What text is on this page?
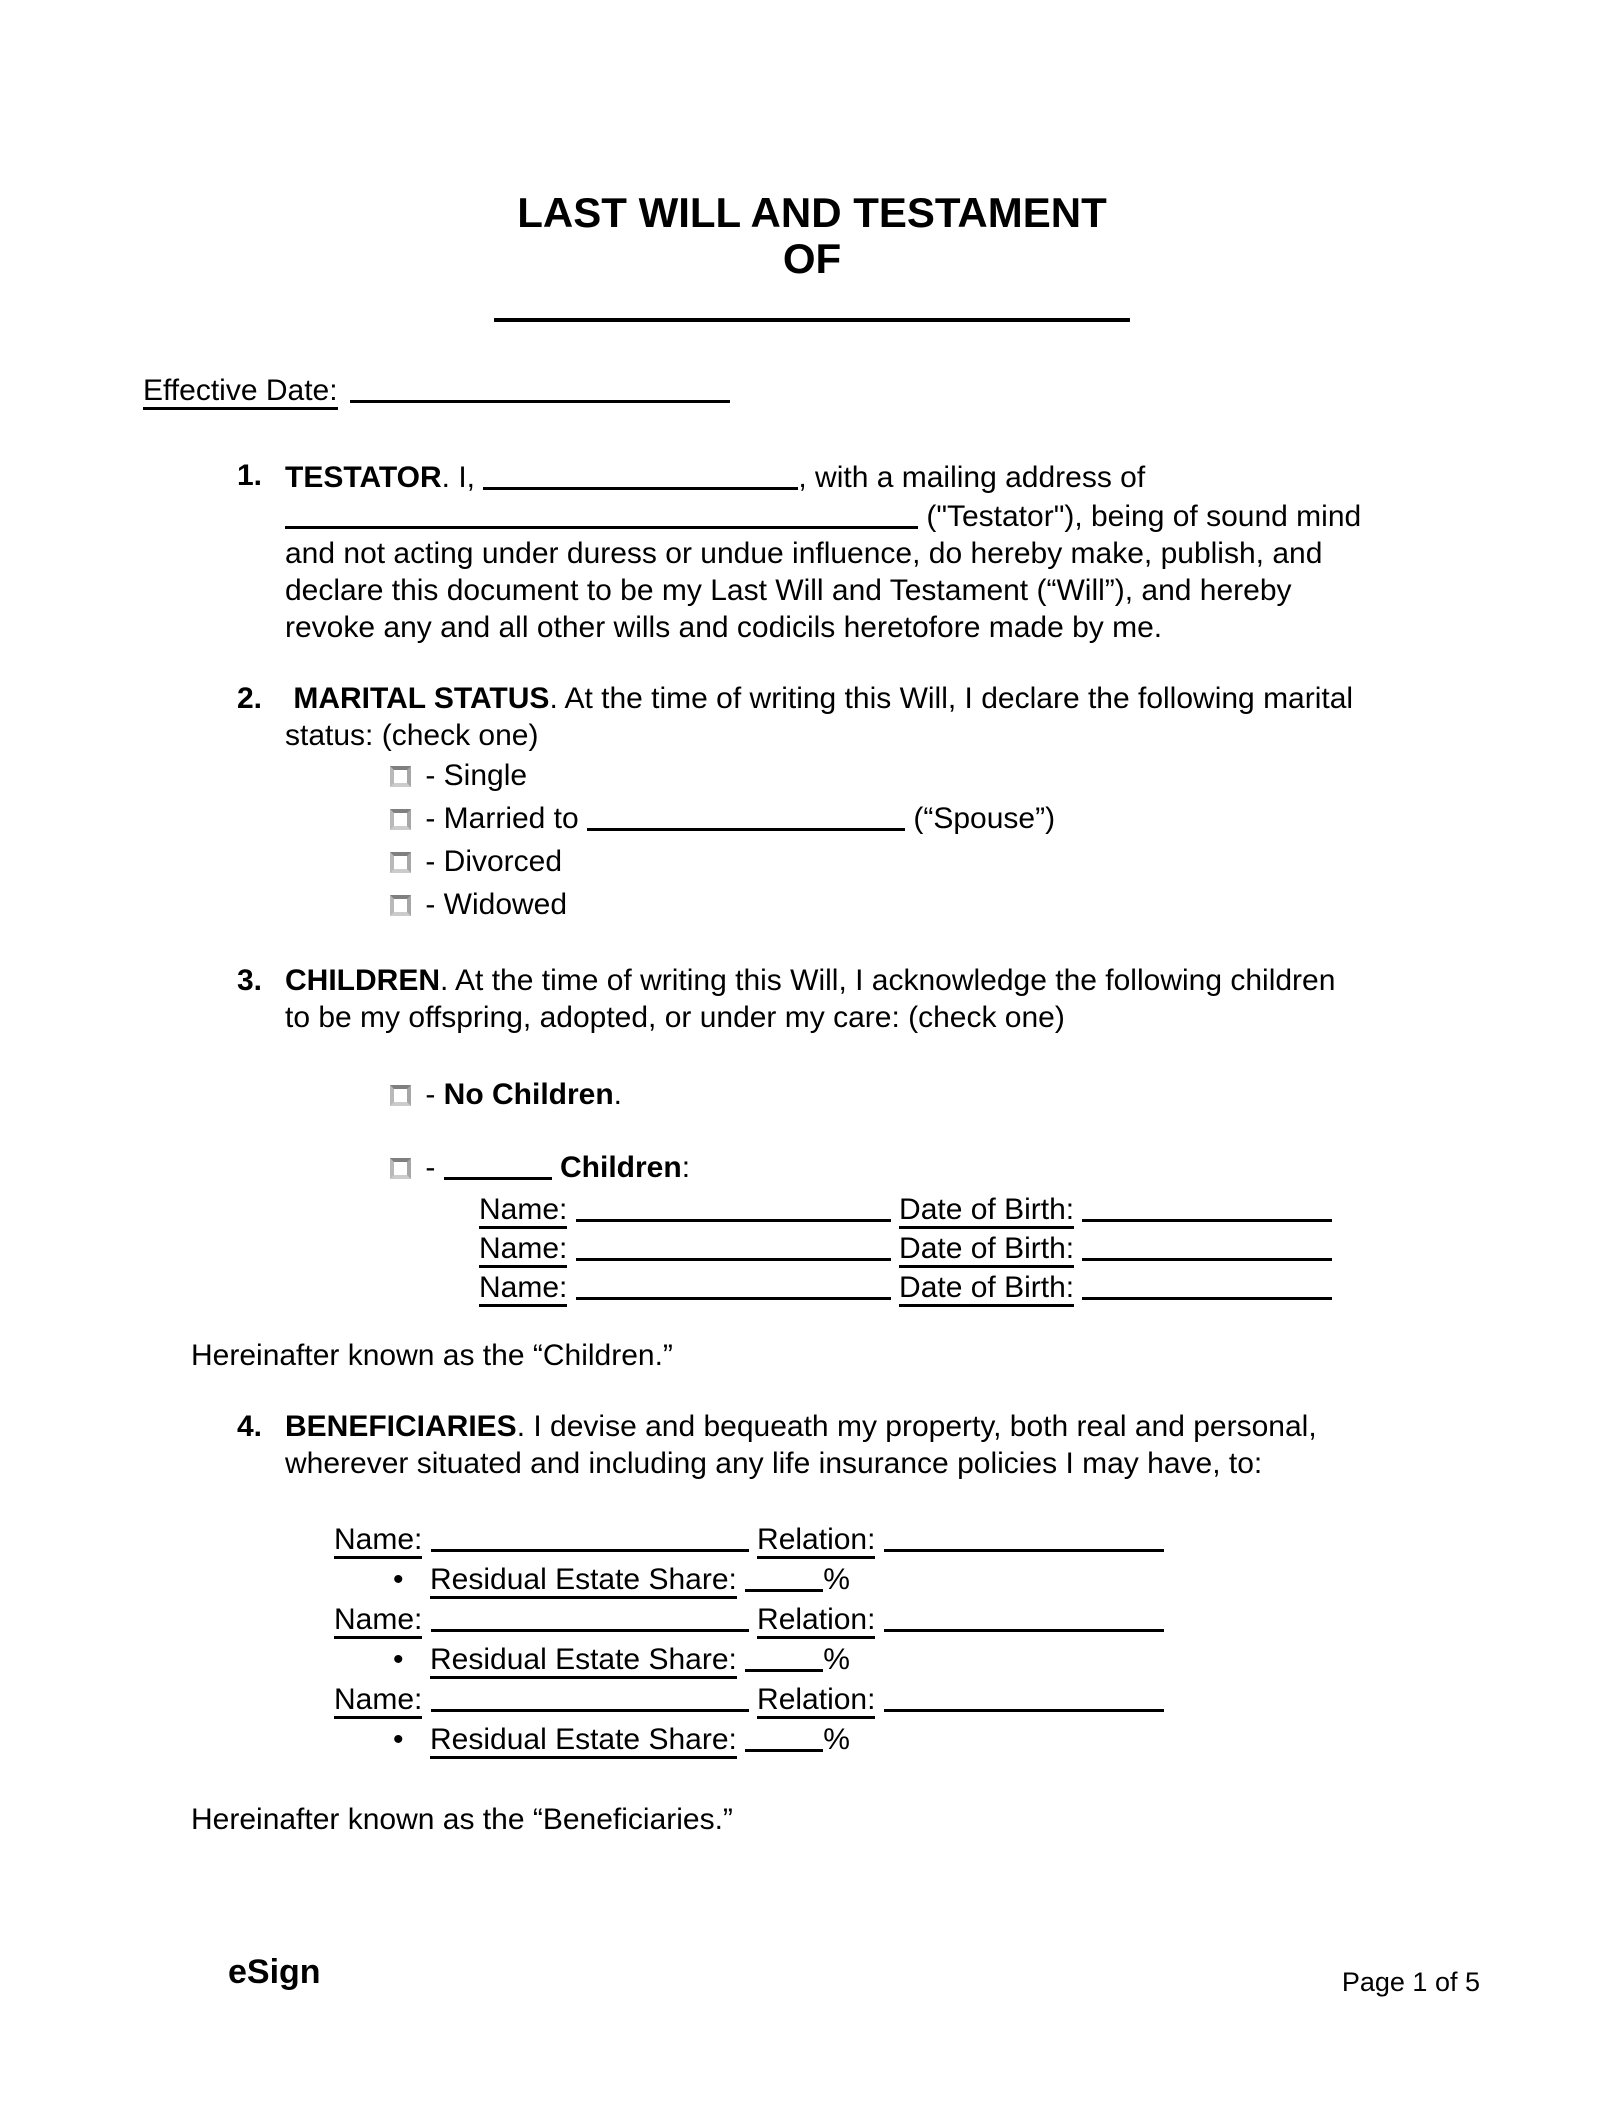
LAST WILL AND TESTAMENT
OF
Effective Date:
1. TESTATOR. I,	, with a mailing address of
("Testator"), being of sound mind
and not acting under duress or undue influence, do hereby make, publish, and
declare this document to be my Last Will and Testament (“Will”), and hereby
revoke any and all other wills and codicils heretofore made by me.
2. MARITAL STATUS. At the time of writing this Will, I declare the following marital
status: (check one)
- Single
- Married to	(“Spouse”)
- Divorced
- Widowed
3. CHILDREN. At the time of writing this Will, I acknowledge the following children
to be my offspring, adopted, or under my care: (check one)
- No Children.
-	Children:
Name:	Date of Birth:
Name:	Date of Birth:
Name:	Date of Birth:
Hereinafter known as the “Children.”
4. BENEFICIARIES. I devise and bequeath my property, both real and personal,
wherever situated and including any life insurance policies I may have, to:
Name:	Relation:
• Residual Estate Share:	%
Name:	Relation:
• Residual Estate Share:	%
Name:	Relation:
• Residual Estate Share:	%
Hereinafter known as the “Beneficiaries.”
eSign	Page 1 of 5
